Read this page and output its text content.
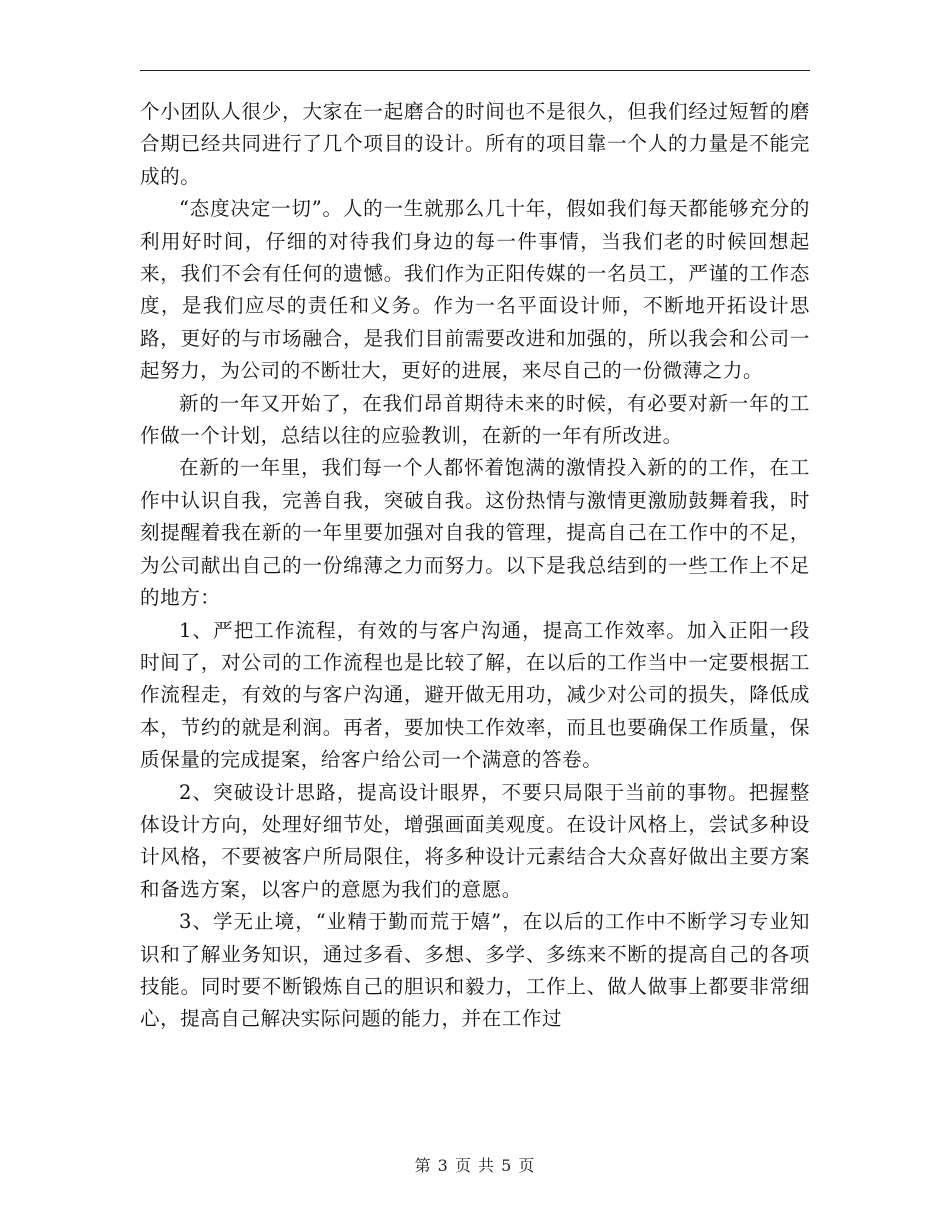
个小团队人很少，大家在一起磨合的时间也不是很久，但我们经过短暂的磨合期已经共同进行了几个项目的设计。所有的项目靠一个人的力量是不能完成的。

“态度决定一切”。人的一生就那么几十年，假如我们每天都能够充分的利用好时间，仔细的对待我们身边的每一件事情，当我们老的时候回想起来，我们不会有任何的遗憾。我们作为正阳传媒的一名员工，严谨的工作态度，是我们应尽的责任和义务。作为一名平面设计师，不断地开拓设计思路，更好的与市场融合，是我们目前需要改进和加强的，所以我会和公司一起努力，为公司的不断壮大，更好的进展，来尽自己的一份微薄之力。

新的一年又开始了，在我们昂首期待未来的时候，有必要对新一年的工作做一个计划，总结以往的应验教训，在新的一年有所改进。

在新的一年里，我们每一个人都怀着饱满的激情投入新的的工作，在工作中认识自我，完善自我，突破自我。这份热情与激情更激励鼓舞着我，时刻提醒着我在新的一年里要加强对自我的管理，提高自己在工作中的不足，为公司献出自己的一份绵薄之力而努力。以下是我总结到的一些工作上不足的地方：

1、严把工作流程，有效的与客户沟通，提高工作效率。加入正阳一段时间了，对公司的工作流程也是比较了解，在以后的工作当中一定要根据工作流程走，有效的与客户沟通，避开做无用功，减少对公司的损失，降低成本，节约的就是利润。再者，要加快工作效率，而且也要确保工作质量，保质保量的完成提案，给客户给公司一个满意的答卷。

2、突破设计思路，提高设计眼界，不要只局限于当前的事物。把握整体设计方向，处理好细节处，增强画面美观度。在设计风格上，尝试多种设计风格，不要被客户所局限住，将多种设计元素结合大众喜好做出主要方案和备选方案，以客户的意愿为我们的意愿。

3、学无止境，“业精于勤而荒于嬉”，在以后的工作中不断学习专业知识和了解业务知识，通过多看、多想、多学、多练来不断的提高自己的各项技能。同时要不断锻炼自己的胆识和毅力，工作上、做人做事上都要非常细心，提高自己解决实际问题的能力，并在工作过

第 3 页 共 5 页
